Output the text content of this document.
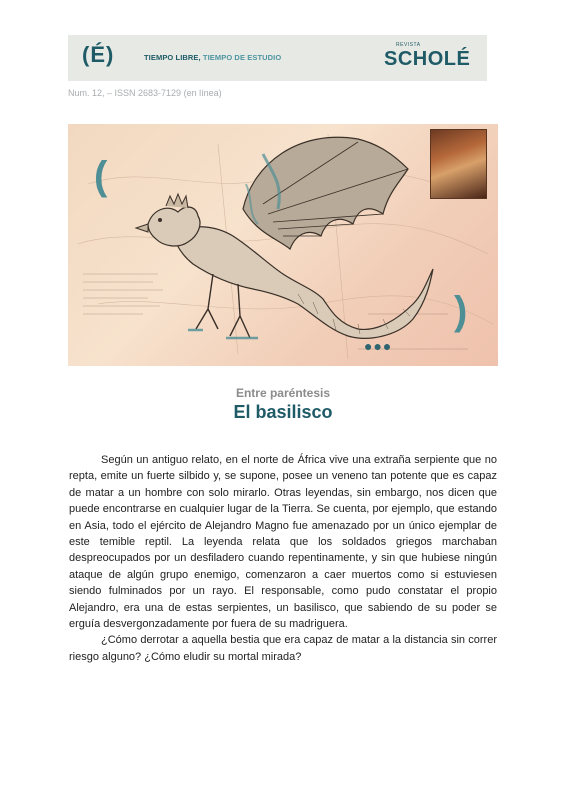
(É)	TIEMPO LIBRE, TIEMPO DE ESTUDIO
REVISTA
SCHOLÉ
Num. 12, – ISSN 2683-7129 (en línea)
(
)
●●●
Entre paréntesis
El basilisco

Según un antiguo relato, en el norte de África vive una extraña serpiente que no repta, emite un fuerte silbido y, se supone, posee un veneno tan potente que es capaz de matar a un hombre con solo mirarlo. Otras leyendas, sin embargo, nos dicen que puede encontrarse en cualquier lugar de la Tierra. Se cuenta, por ejemplo, que estando en Asia, todo el ejército de Alejandro Magno fue amenazado por un único ejemplar de este temible reptil. La leyenda relata que los soldados griegos marchaban despreocupados por un desfiladero cuando repentinamente, y sin que hubiese ningún ataque de algún grupo enemigo, comenzaron a caer muertos como si estuviesen siendo fulminados por un rayo. El responsable, como pudo constatar el propio Alejandro, era una de estas serpientes, un basilisco, que sabiendo de su poder se erguía desvergonzadamente por fuera de su madriguera.

¿Cómo derrotar a aquella bestia que era capaz de matar a la distancia sin correr riesgo alguno? ¿Cómo eludir su mortal mirada?
